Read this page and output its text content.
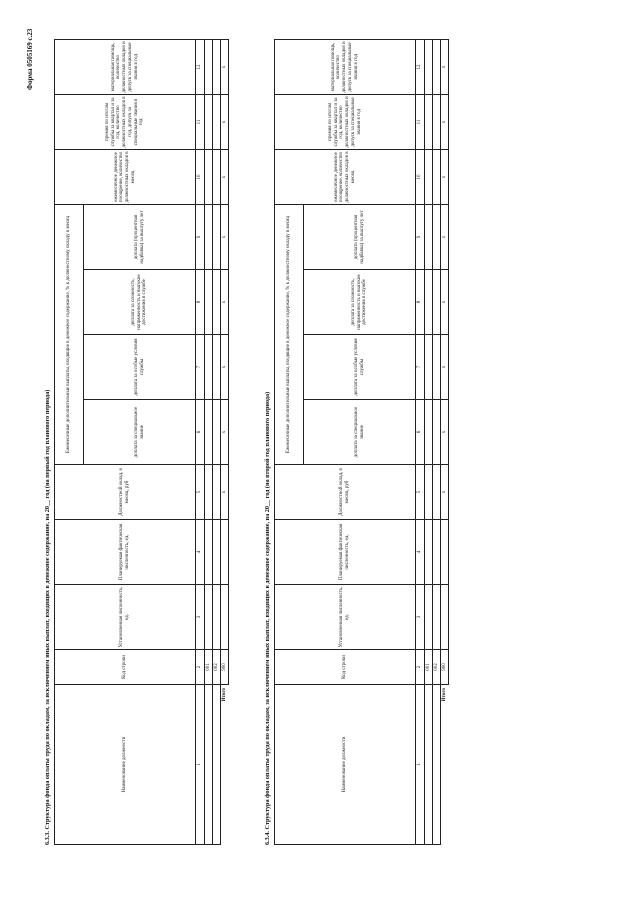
Форма 0505169 с.23
6.3.3. Структура фонда оплаты труда по окладам, за исключением иных выплат, входящих в денежное содержание, на 20__ год (на первый год планового периода)	Наименование должности	Код строки	Установленная численность, ед.	Планируемая фактическая численность, ед.	Должностной оклад, в месяц, руб	Ежемесячные дополнительные выплаты, входящие в денежное содержание, % к должностному окладу в месяц				ежемесячное денежное поощрение, количество должностных окладов в месяц	премия по итогам службы за квартал и за год, количество должностных окладов в год, допуск за специальные звания в год	материальная помощь, количество должностных окладов и допуск за специальные звания в год
					доплата за специальное звание	доплата за особые условия службы	доплата за сложность, напряженность и высокие достижения в службе	доплата (процентная надбавка) за выслугу лет			
1	2	3	4	5	6	7	8	9	10	11	12
	001										
	002										
Итого	900			x	x	x	x	x	x	x	x
6.3.4. Структура фонда оплаты труда по окладам, за исключением иных выплат, входящих в денежное содержание, на 20__ год (на второй год планового периода)	Наименование должности	Код строки	Установленная численность, ед.	Планируемая фактическая численность, ед.	Должностной оклад, в месяц, руб	Ежемесячные дополнительные выплаты, входящие в денежное содержание, % к должностному окладу в месяц				ежемесячное денежное поощрение, количество должностных окладов в месяц	премия по итогам службы за квартал и за год, количество должностных окладов и допуск за специальные звания в год	материальная помощь, количество должностных окладов и допуск за специальные звания в год
					доплата за специальное звание	доплата за особые условия службы	доплата за сложность, напряженность и высокие достижения в службе	доплата (процентная надбавка) за выслугу лет			
1	2	3	4	5	6	7	8	9	10	11	12
	001										
	002										
Итого	900			x	x	x	x	x	x	x	x
